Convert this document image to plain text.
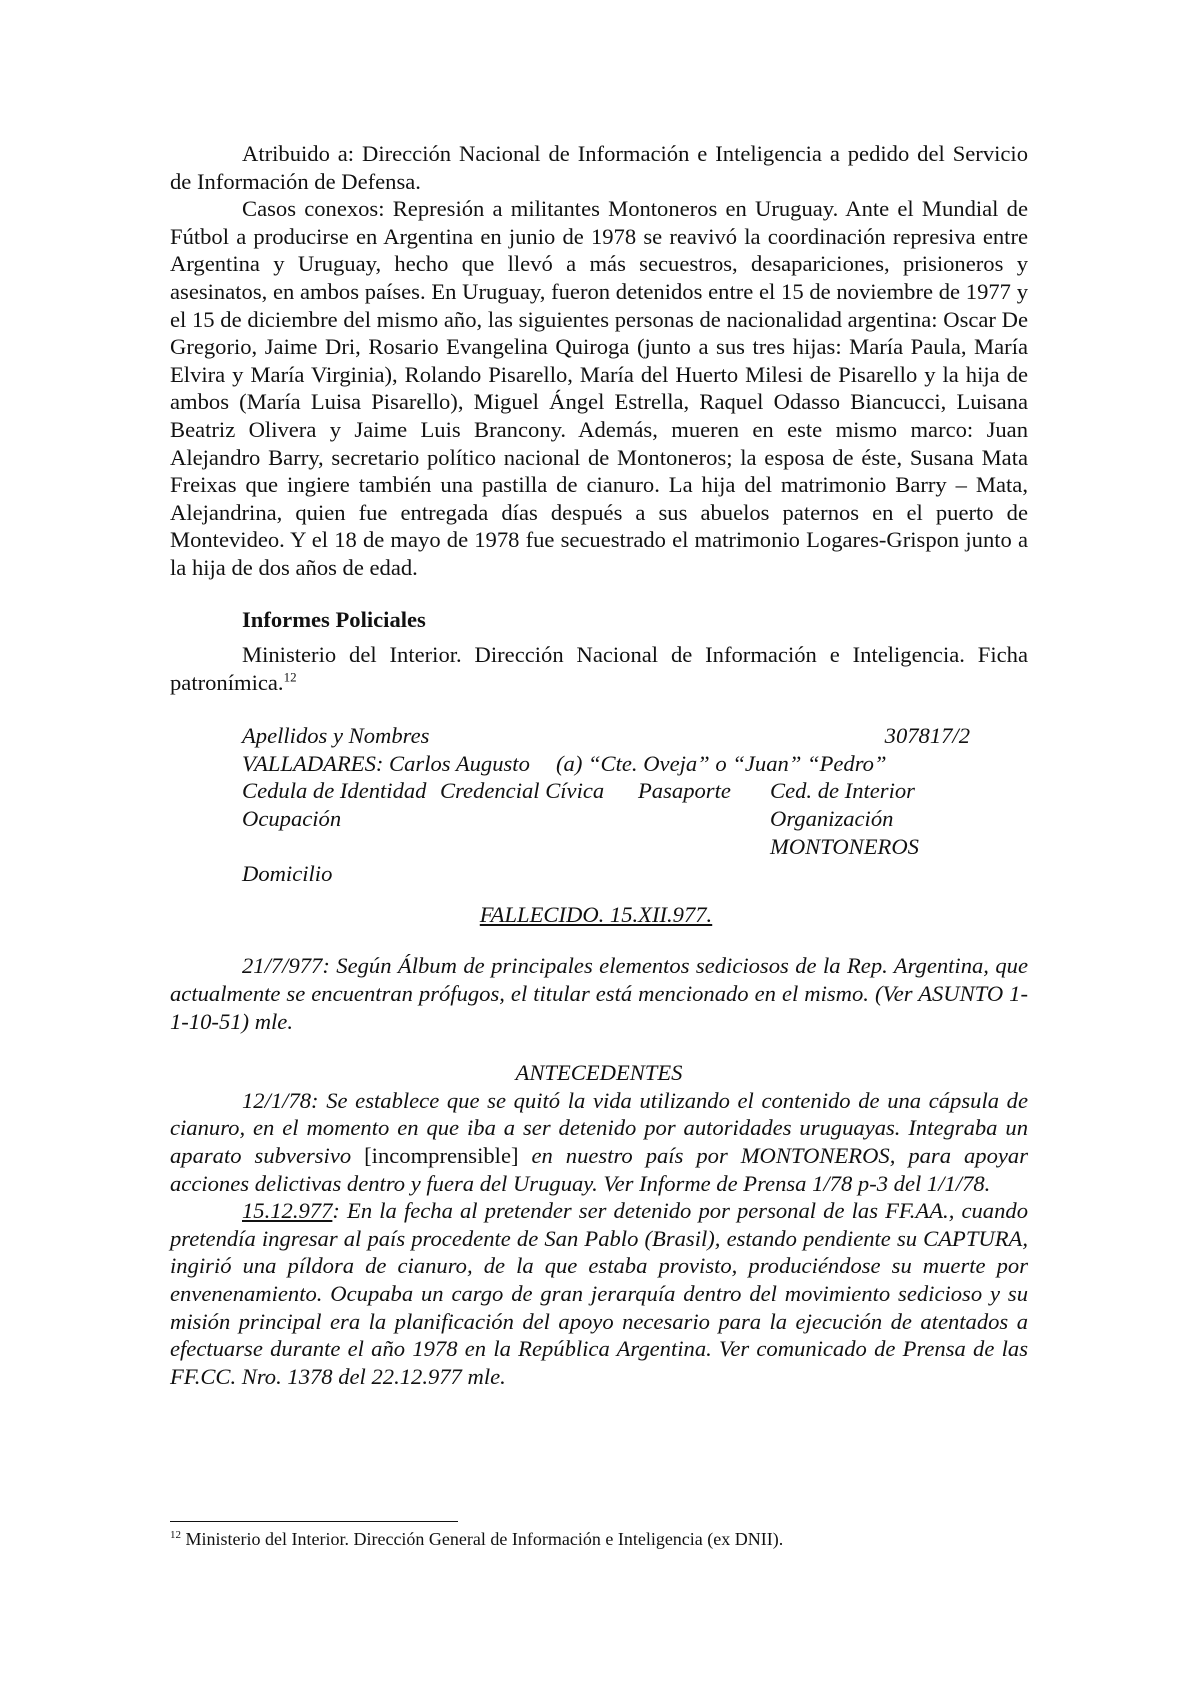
Atribuido a: Dirección Nacional de Información e Inteligencia a pedido del Servicio de Información de Defensa.

Casos conexos: Represión a militantes Montoneros en Uruguay. Ante el Mundial de Fútbol a producirse en Argentina en junio de 1978 se reavivó la coordinación represiva entre Argentina y Uruguay, hecho que llevó a más secuestros, desapariciones, prisioneros y asesinatos, en ambos países. En Uruguay, fueron detenidos entre el 15 de noviembre de 1977 y el 15 de diciembre del mismo año, las siguientes personas de nacionalidad argentina: Oscar De Gregorio, Jaime Dri, Rosario Evangelina Quiroga (junto a sus tres hijas: María Paula, María Elvira y María Virginia), Rolando Pisarello, María del Huerto Milesi de Pisarello y la hija de ambos (María Luisa Pisarello), Miguel Ángel Estrella, Raquel Odasso Biancucci, Luisana Beatriz Olivera y Jaime Luis Brancony. Además, mueren en este mismo marco: Juan Alejandro Barry, secretario político nacional de Montoneros; la esposa de éste, Susana Mata Freixas que ingiere también una pastilla de cianuro. La hija del matrimonio Barry – Mata, Alejandrina, quien fue entregada días después a sus abuelos paternos en el puerto de Montevideo. Y el 18 de mayo de 1978 fue secuestrado el matrimonio Logares-Grispon junto a la hija de dos años de edad.

Informes Policiales

Ministerio del Interior. Dirección Nacional de Información e Inteligencia. Ficha patronímica.$^{12}$

Apellidos y Nombres	307817/2
VALLADARES: Carlos Augusto	(a) “Cte. Oveja” o “Juan” “Pedro”
Cedula de Identidad Credencial Cívica	Pasaporte	Ced. de Interior
Ocupación	Organización
MONTONEROS
Domicilio
FALLECIDO. 15.XII.977.

21/7/977: Según Álbum de principales elementos sediciosos de la Rep. Argentina, que actualmente se encuentran prófugos, el titular está mencionado en el mismo. (Ver ASUNTO 1-1-10-51) mle.

ANTECEDENTES

12/1/78: Se establece que se quitó la vida utilizando el contenido de una cápsula de cianuro, en el momento en que iba a ser detenido por autoridades uruguayas. Integraba un aparato subversivo [incomprensible] en nuestro país por MONTONEROS, para apoyar acciones delictivas dentro y fuera del Uruguay. Ver Informe de Prensa 1/78 p-3 del 1/1/78.

15.12.977: En la fecha al pretender ser detenido por personal de las FF.AA., cuando pretendía ingresar al país procedente de San Pablo (Brasil), estando pendiente su CAPTURA, ingirió una píldora de cianuro, de la que estaba provisto, produciéndose su muerte por envenenamiento. Ocupaba un cargo de gran jerarquía dentro del movimiento sedicioso y su misión principal era la planificación del apoyo necesario para la ejecución de atentados a efectuarse durante el año 1978 en la República Argentina. Ver comunicado de Prensa de las FF.CC. Nro. 1378 del 22.12.977 mle.

$^{12}$ Ministerio del Interior. Dirección General de Información e Inteligencia (ex DNII).
